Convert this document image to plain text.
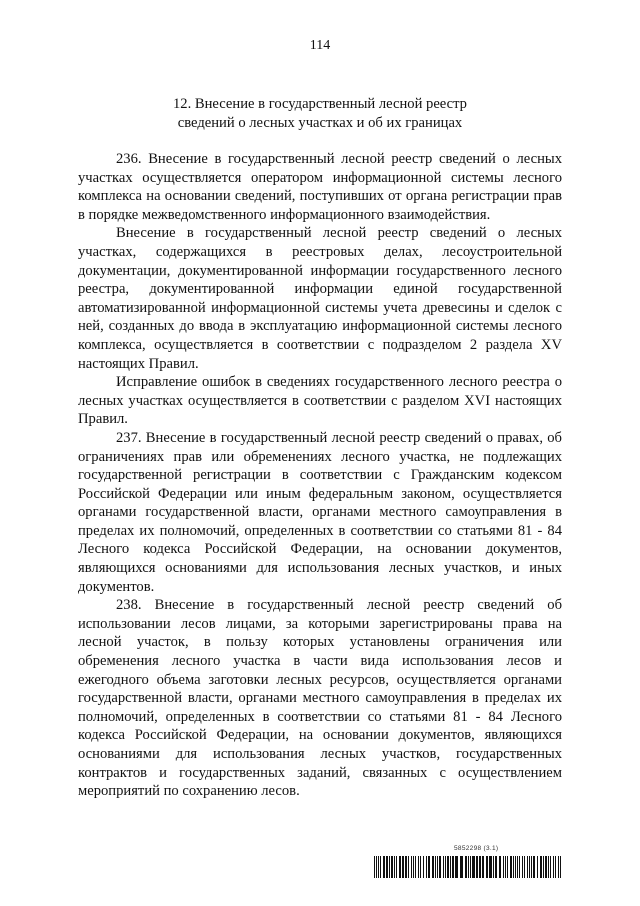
114
12. Внесение в государственный лесной реестр
сведений о лесных участках и об их границах

236. Внесение в государственный лесной реестр сведений о лесных участках осуществляется оператором информационной системы лесного комплекса на основании сведений, поступивших от органа регистрации прав в порядке межведомственного информационного взаимодействия.

Внесение в государственный лесной реестр сведений о лесных участках, содержащихся в реестровых делах, лесоустроительной документации, документированной информации государственного лесного реестра, документированной информации единой государственной автоматизированной информационной системы учета древесины и сделок с ней, созданных до ввода в эксплуатацию информационной системы лесного комплекса, осуществляется в соответствии с подразделом 2 раздела XV настоящих Правил.

Исправление ошибок в сведениях государственного лесного реестра о лесных участках осуществляется в соответствии с разделом XVI настоящих Правил.

237. Внесение в государственный лесной реестр сведений о правах, об ограничениях прав или обременениях лесного участка, не подлежащих государственной регистрации в соответствии с Гражданским кодексом Российской Федерации или иным федеральным законом, осуществляется органами государственной власти, органами местного самоуправления в пределах их полномочий, определенных в соответствии со статьями 81 - 84 Лесного кодекса Российской Федерации, на основании документов, являющихся основаниями для использования лесных участков, и иных документов.

238. Внесение в государственный лесной реестр сведений об использовании лесов лицами, за которыми зарегистрированы права на лесной участок, в пользу которых установлены ограничения или обременения лесного участка в части вида использования лесов и ежегодного объема заготовки лесных ресурсов, осуществляется органами государственной власти, органами местного самоуправления в пределах их полномочий, определенных в соответствии со статьями 81 - 84 Лесного кодекса Российской Федерации, на основании документов, являющихся основаниями для использования лесных участков, государственных контрактов и государственных заданий, связанных с осуществлением мероприятий по сохранению лесов.

5852298 (3.1)
